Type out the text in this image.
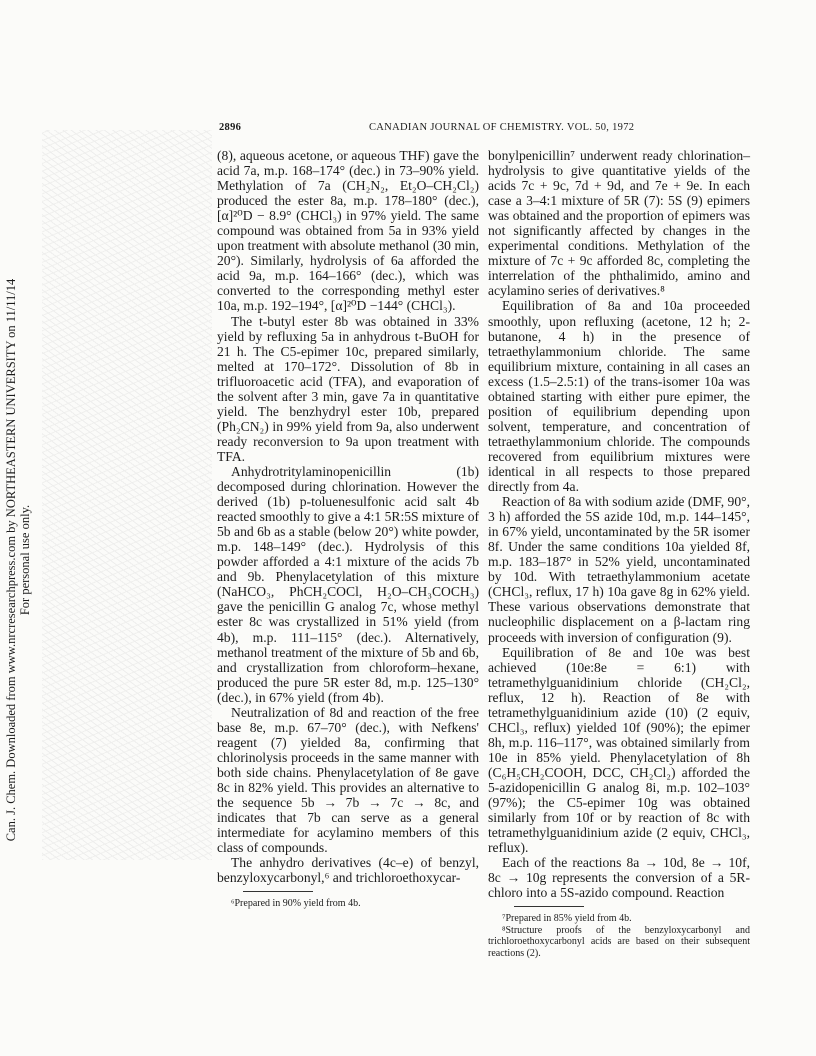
Can. J. Chem. Downloaded from www.nrcresearchpress.com by NORTHEASTERN UNIVERSITY on 11/11/14 For personal use only.
2896	CANADIAN JOURNAL OF CHEMISTRY. VOL. 50, 1972

(8), aqueous acetone, or aqueous THF) gave the acid 7a, m.p. 168–174° (dec.) in 73–90% yield. Methylation of 7a (CH₂N₂, Et₂O–CH₂Cl₂) produced the ester 8a, m.p. 178–180° (dec.), [α]²⁰D − 8.9° (CHCl₃) in 97% yield. The same compound was obtained from 5a in 93% yield upon treatment with absolute methanol (30 min, 20°). Similarly, hydrolysis of 6a afforded the acid 9a, m.p. 164–166° (dec.), which was converted to the corresponding methyl ester 10a, m.p. 192–194°, [α]²⁰D −144° (CHCl₃).

The t-butyl ester 8b was obtained in 33% yield by refluxing 5a in anhydrous t-BuOH for 21 h. The C5-epimer 10c, prepared similarly, melted at 170–172°. Dissolution of 8b in trifluoroacetic acid (TFA), and evaporation of the solvent after 3 min, gave 7a in quantitative yield. The benzhydryl ester 10b, prepared (Ph₂CN₂) in 99% yield from 9a, also underwent ready reconversion to 9a upon treatment with TFA.

Anhydrotritylaminopenicillin (1b) decomposed during chlorination. However the derived (1b) p-toluenesulfonic acid salt 4b reacted smoothly to give a 4:1 5R:5S mixture of 5b and 6b as a stable (below 20°) white powder, m.p. 148–149° (dec.). Hydrolysis of this powder afforded a 4:1 mixture of the acids 7b and 9b. Phenylacetylation of this mixture (NaHCO₃, PhCH₂COCl, H₂O–CH₃COCH₃) gave the penicillin G analog 7c, whose methyl ester 8c was crystallized in 51% yield (from 4b), m.p. 111–115° (dec.). Alternatively, methanol treatment of the mixture of 5b and 6b, and crystallization from chloroform–hexane, produced the pure 5R ester 8d, m.p. 125–130° (dec.), in 67% yield (from 4b).

Neutralization of 8d and reaction of the free base 8e, m.p. 67–70° (dec.), with Nefkens' reagent (7) yielded 8a, confirming that chlorinolysis proceeds in the same manner with both side chains. Phenylacetylation of 8e gave 8c in 82% yield. This provides an alternative to the sequence 5b → 7b → 7c → 8c, and indicates that 7b can serve as a general intermediate for acylamino members of this class of compounds.

The anhydro derivatives (4c–e) of benzyl, benzyloxycarbonyl,⁶ and trichloroethoxycar-

⁶Prepared in 90% yield from 4b.

bonylpenicillin⁷ underwent ready chlorination–hydrolysis to give quantitative yields of the acids 7c + 9c, 7d + 9d, and 7e + 9e. In each case a 3–4:1 mixture of 5R (7): 5S (9) epimers was obtained and the proportion of epimers was not significantly affected by changes in the experimental conditions. Methylation of the mixture of 7c + 9c afforded 8c, completing the interrelation of the phthalimido, amino and acylamino series of derivatives.⁸

Equilibration of 8a and 10a proceeded smoothly, upon refluxing (acetone, 12 h; 2-butanone, 4 h) in the presence of tetraethylammonium chloride. The same equilibrium mixture, containing in all cases an excess (1.5–2.5:1) of the trans-isomer 10a was obtained starting with either pure epimer, the position of equilibrium depending upon solvent, temperature, and concentration of tetraethylammonium chloride. The compounds recovered from equilibrium mixtures were identical in all respects to those prepared directly from 4a.

Reaction of 8a with sodium azide (DMF, 90°, 3 h) afforded the 5S azide 10d, m.p. 144–145°, in 67% yield, uncontaminated by the 5R isomer 8f. Under the same conditions 10a yielded 8f, m.p. 183–187° in 52% yield, uncontaminated by 10d. With tetraethylammonium acetate (CHCl₃, reflux, 17 h) 10a gave 8g in 62% yield. These various observations demonstrate that nucleophilic displacement on a β-lactam ring proceeds with inversion of configuration (9).

Equilibration of 8e and 10e was best achieved (10e:8e = 6:1) with tetramethylguanidinium chloride (CH₂Cl₂, reflux, 12 h). Reaction of 8e with tetramethylguanidinium azide (10) (2 equiv, CHCl₃, reflux) yielded 10f (90%); the epimer 8h, m.p. 116–117°, was obtained similarly from 10e in 85% yield. Phenylacetylation of 8h (C₆H₅CH₂COOH, DCC, CH₂Cl₂) afforded the 5-azidopenicillin G analog 8i, m.p. 102–103° (97%); the C5-epimer 10g was obtained similarly from 10f or by reaction of 8c with tetramethylguanidinium azide (2 equiv, CHCl₃, reflux).

Each of the reactions 8a → 10d, 8e → 10f, 8c → 10g represents the conversion of a 5R-chloro into a 5S-azido compound. Reaction

⁷Prepared in 85% yield from 4b.

⁸Structure proofs of the benzyloxycarbonyl and trichloroethoxycarbonyl acids are based on their subsequent reactions (2).
